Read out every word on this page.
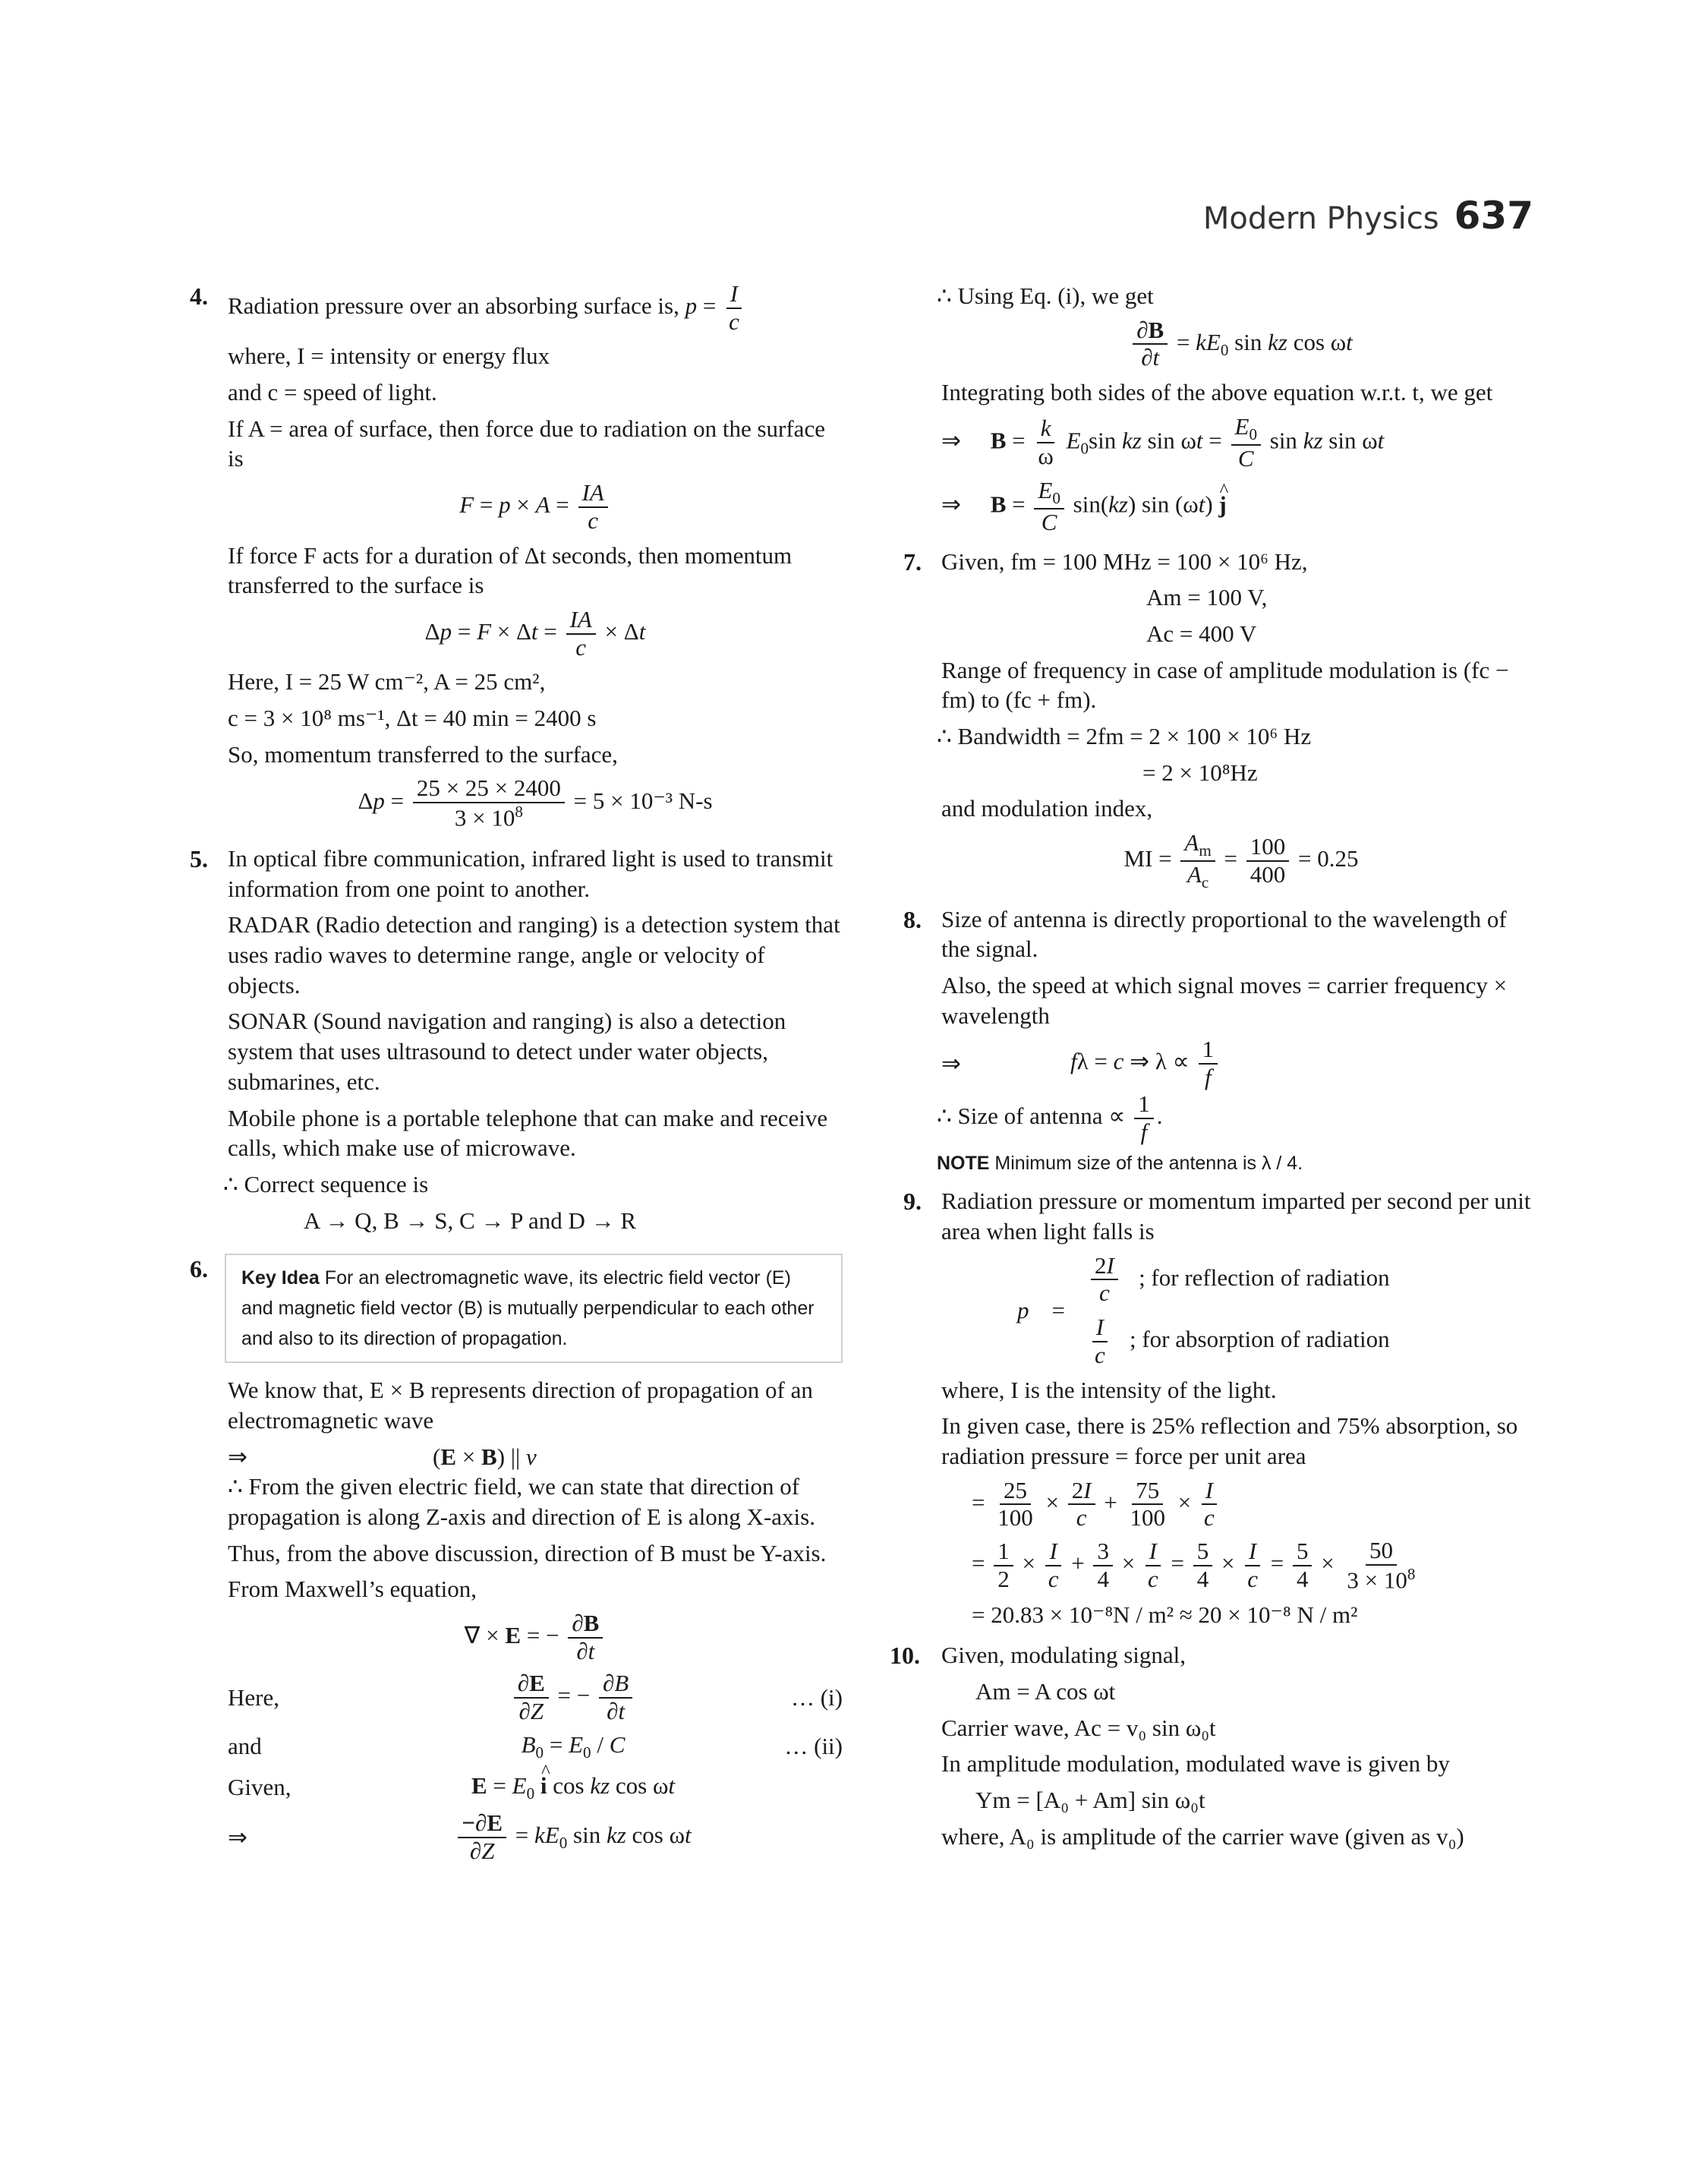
Modern Physics 637
4. Radiation pressure over an absorbing surface is, $p = \frac{I}{c}$

where, I = intensity or energy flux

and c = speed of light.

If A = area of surface, then force due to radiation on the surface is

$F = p \times A = \frac{IA}{c}$

If force F acts for a duration of Δt seconds, then momentum transferred to the surface is

$\Delta p = F \times \Delta t = \frac{IA}{c} \times \Delta t$

Here, I = 25 W cm⁻², A = 25 cm²,

c = 3 × 10⁸ ms⁻¹, Δt = 40 min = 2400 s

So, momentum transferred to the surface,

$\Delta p = \frac{25 \times 25 \times 2400}{3 \times 10^8} = 5 \times 10^{-3}$ N-s
5. In optical fibre communication, infrared light is used to transmit information from one point to another.

RADAR (Radio detection and ranging) is a detection system that uses radio waves to determine range, angle or velocity of objects.

SONAR (Sound navigation and ranging) is also a detection system that uses ultrasound to detect under water objects, submarines, etc.

Mobile phone is a portable telephone that can make and receive calls, which make use of microwave.

∴ Correct sequence is

A → Q, B → S, C → P and D → R

6.	Key Idea For an electromagnetic wave, its electric field vector (E) and magnetic field vector (B) is mutually perpendicular to each other and also to its direction of propagation.

We know that, E × B represents direction of propagation of an electromagnetic wave

⇒	(E × B) || v

∴ From the given electric field, we can state that direction of propagation is along Z-axis and direction of E is along X-axis.

Thus, from the above discussion, direction of B must be Y-axis.

From Maxwell’s equation,

∇ × E = − $\frac{\partial B}{\partial t}$
Here,	$\frac{\partial E}{\partial Z}$ = − $\frac{\partial B}{\partial t}$	… (i)
and	$B_0 = E_0 / C$	… (ii)
Given,	$E = E_0$ ^ i cos kz cos ωt
⇒	$\frac{-\partial E}{\partial Z} = kE_0$ sin kz cos ωt

∴ Using Eq. (i), we get

$\frac{\partial B}{\partial t} = kE_0$ sin kz cos ωt

Integrating both sides of the above equation w.r.t. t, we get

⇒ $B = \frac{k}{\omega} E_0\sin$ kz $\sin \omega t = \frac{E_0}{C}$ sin kz sin ωt

⇒ $B = \frac{E_0}{C} \sin(kz)$ sin (ωt) ^ j

7. Given, fm = 100 MHz = 100 × 10⁶ Hz,

Am = 100 V,

Ac = 400 V

Range of frequency in case of amplitude modulation is (fc − fm) to (fc + fm).

∴ Bandwidth = 2fm = 2 × 100 × 10⁶ Hz

= 2 × 10⁸Hz

and modulation index,

MI = $\frac{A_m}{A_c} = \frac{100}{400} = 0.25$
8. Size of antenna is directly proportional to the wavelength of the signal.

Also, the speed at which signal moves = carrier frequency × wavelength

⇒	fλ = c ⇒ $\lambda \propto \frac{1}{f}$

∴ Size of antenna ∝ $\frac{1}{f}$ .

NOTE Minimum size of the antenna is λ / 4.
9. Radiation pressure or momentum imparted per second per unit area when light falls is

p =
$\frac{2I}{c}$ ; for reflection of radiation
$\frac{I}{c}$ ; for absorption of radiation

where, I is the intensity of the light.

In given case, there is 25% reflection and 75% absorption, so radiation pressure = force per unit area

= $\frac{25}{100} \times \frac{2I}{c} + \frac{75}{100} \times \frac{I}{c}$

= $\frac{1}{2} \times \frac{I}{c} + \frac{3}{4} \times \frac{I}{c} = \frac{5}{4} \times \frac{I}{c} = \frac{5}{4} \times \frac{50}{3 \times 10^8}$

= 20.83 × 10⁻⁸N / m² ≈ 20 × 10⁻⁸ N / m²

10. Given, modulating signal,

Am = A cos ωt

Carrier wave, Ac = v₀ sin ω₀t

In amplitude modulation, modulated wave is given by

Ym = [A₀ + Am] sin ω₀t

where, A₀ is amplitude of the carrier wave (given as v₀)
